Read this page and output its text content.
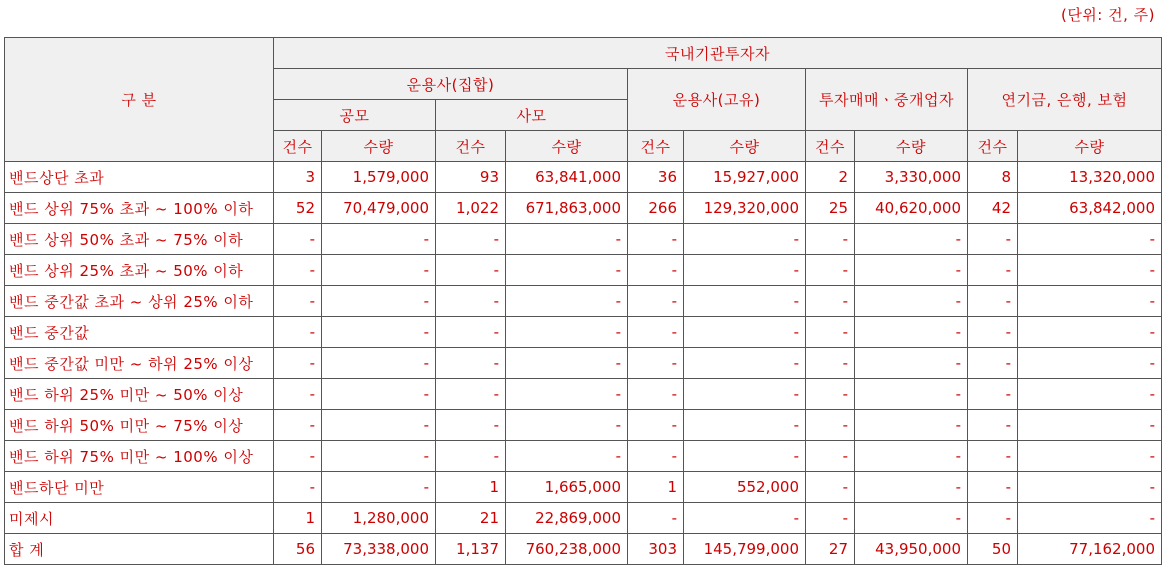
(단위: 건, 주)
구 분	국내기관투자자									
	운용사(집합)				운용사(고유)		투자매매ㆍ중개업자		연기금, 은행, 보험	
	공모		사모							
	건수	수량	건수	수량	건수	수량	건수	수량	건수	수량
밴드상단 초과	3	1,579,000	93	63,841,000	36	15,927,000	2	3,330,000	8	13,320,000
밴드 상위 75% 초과 ~ 100% 이하	52	70,479,000	1,022	671,863,000	266	129,320,000	25	40,620,000	42	63,842,000
밴드 상위 50% 초과 ~ 75% 이하	-	-	-	-	-	-	-	-	-	-
밴드 상위 25% 초과 ~ 50% 이하	-	-	-	-	-	-	-	-	-	-
밴드 중간값 초과 ~ 상위 25% 이하	-	-	-	-	-	-	-	-	-	-
밴드 중간값	-	-	-	-	-	-	-	-	-	-
밴드 중간값 미만 ~ 하위 25% 이상	-	-	-	-	-	-	-	-	-	-
밴드 하위 25% 미만 ~ 50% 이상	-	-	-	-	-	-	-	-	-	-
밴드 하위 50% 미만 ~ 75% 이상	-	-	-	-	-	-	-	-	-	-
밴드 하위 75% 미만 ~ 100% 이상	-	-	-	-	-	-	-	-	-	-
밴드하단 미만	-	-	1	1,665,000	1	552,000	-	-	-	-
미제시	1	1,280,000	21	22,869,000	-	-	-	-	-	-
합 계	56	73,338,000	1,137	760,238,000	303	145,799,000	27	43,950,000	50	77,162,000
